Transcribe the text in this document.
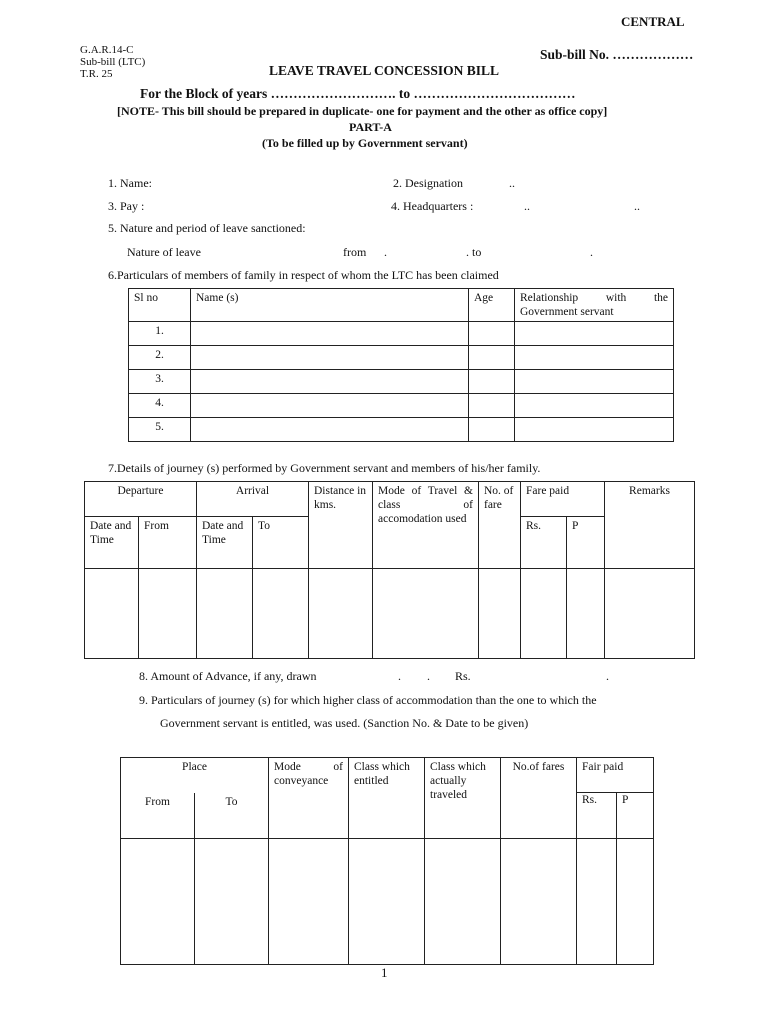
CENTRAL
G.A.R.14-C
Sub-bill (LTC)
T.R. 25
Sub-bill No. ………………
LEAVE TRAVEL CONCESSION BILL
For the Block of years ………………………. to ………………………………
[NOTE- This bill should be prepared in duplicate- one for payment and the other as office copy]
PART-A
(To be filled up by Government servant)
1. Name:	2. Designation	..
3. Pay :	4. Headquarters :	..	..
5. Nature and period of leave sanctioned:
Nature of leave	from .	. to	.
6.Particulars of members of family in respect of whom the LTC has been claimed
Sl no	Name (s)	Age	Relationship      with      the Government servant
1.			
2.			
3.			
4.			
5.			
7.Details of journey (s) performed by Government servant and members of his/her family.
Departure		Arrival		Distance in kms.	Mode of Travel & class of accomodation used	No. of fare	Fare paid		Remarks
Date and Time	From	Date and Time	To				Rs.	P	

8. Amount of Advance, if any, drawn	. . Rs.	.
9. Particulars of journey (s) for which higher class of accommodation than the one to which the
Government servant is entitled, was used. (Sanction No. & Date to be given)
Place		Mode of conveyance	Class which entitled	Class which actually traveled	No.of fares	Fair paid	
From	To					Rs.	P

1
